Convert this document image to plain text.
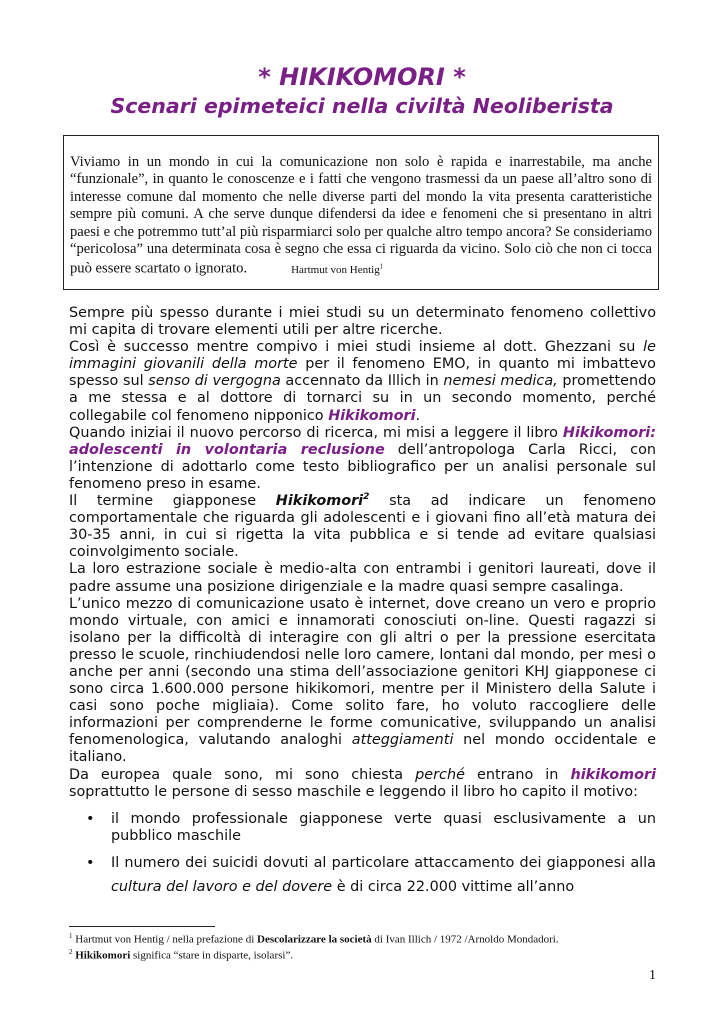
* HIKIKOMORI *
Scenari epimeteici nella civiltà Neoliberista

Viviamo in un mondo in cui la comunicazione non solo è rapida e inarrestabile, ma anche “funzionale”, in quanto le conoscenze e i fatti che vengono trasmessi da un paese all’altro sono di interesse comune dal momento che nelle diverse parti del mondo la vita presenta caratteristiche sempre più comuni. A che serve dunque difendersi da idee e fenomeni che si presentano in altri paesi e che potremmo tutt’al più risparmiarci solo per qualche altro tempo ancora? Se consideriamo “pericolosa” una determinata cosa è segno che essa ci riguarda da vicino. Solo ciò che non ci tocca può essere scartato o ignorato.	Hartmut von Hentig$^1$

Sempre più spesso durante i miei studi su un determinato fenomeno collettivo mi capita di trovare elementi utili per altre ricerche.

Così è successo mentre compivo i miei studi insieme al dott. Ghezzani su le immagini giovanili della morte per il fenomeno EMO, in quanto mi imbattevo spesso sul senso di vergogna accennato da Illich in nemesi medica, promettendo a me stessa e al dottore di tornarci su in un secondo momento, perché collegabile col fenomeno nipponico Hikikomori.

Quando iniziai il nuovo percorso di ricerca, mi misi a leggere il libro Hikikomori: adolescenti in volontaria reclusione dell’antropologa Carla Ricci, con l’intenzione di adottarlo come testo bibliografico per un analisi personale sul fenomeno preso in esame.

Il termine giapponese Hikikomori$^2$ sta ad indicare un fenomeno comportamentale che riguarda gli adolescenti e i giovani fino all’età matura dei 30-35 anni, in cui si rigetta la vita pubblica e si tende ad evitare qualsiasi coinvolgimento sociale.

La loro estrazione sociale è medio-alta con entrambi i genitori laureati, dove il padre assume una posizione dirigenziale e la madre quasi sempre casalinga.

L’unico mezzo di comunicazione usato è internet, dove creano un vero e proprio mondo virtuale, con amici e innamorati conosciuti on-line. Questi ragazzi si isolano per la difficoltà di interagire con gli altri o per la pressione esercitata presso le scuole, rinchiudendosi nelle loro camere, lontani dal mondo, per mesi o anche per anni (secondo una stima dell’associazione genitori KHJ giapponese ci sono circa 1.600.000 persone hikikomori, mentre per il Ministero della Salute i casi sono poche migliaia). Come solito fare, ho voluto raccogliere delle informazioni per comprenderne le forme comunicative, sviluppando un analisi fenomenologica, valutando analoghi atteggiamenti nel mondo occidentale e italiano.

Da europea quale sono, mi sono chiesta perché entrano in hikikomori soprattutto le persone di sesso maschile e leggendo il libro ho capito il motivo:

• il mondo professionale giapponese verte quasi esclusivamente a un pubblico maschile
• Il numero dei suicidi dovuti al particolare attaccamento dei giapponesi alla cultura del lavoro e del dovere è di circa 22.000 vittime all’anno
$^1$ Hartmut von Hentig / nella prefazione di Descolarizzare la società di Ivan Illich / 1972 /Arnoldo Mondadori.
$^2$ Hikikomori significa “stare in disparte, isolarsi”.
1
